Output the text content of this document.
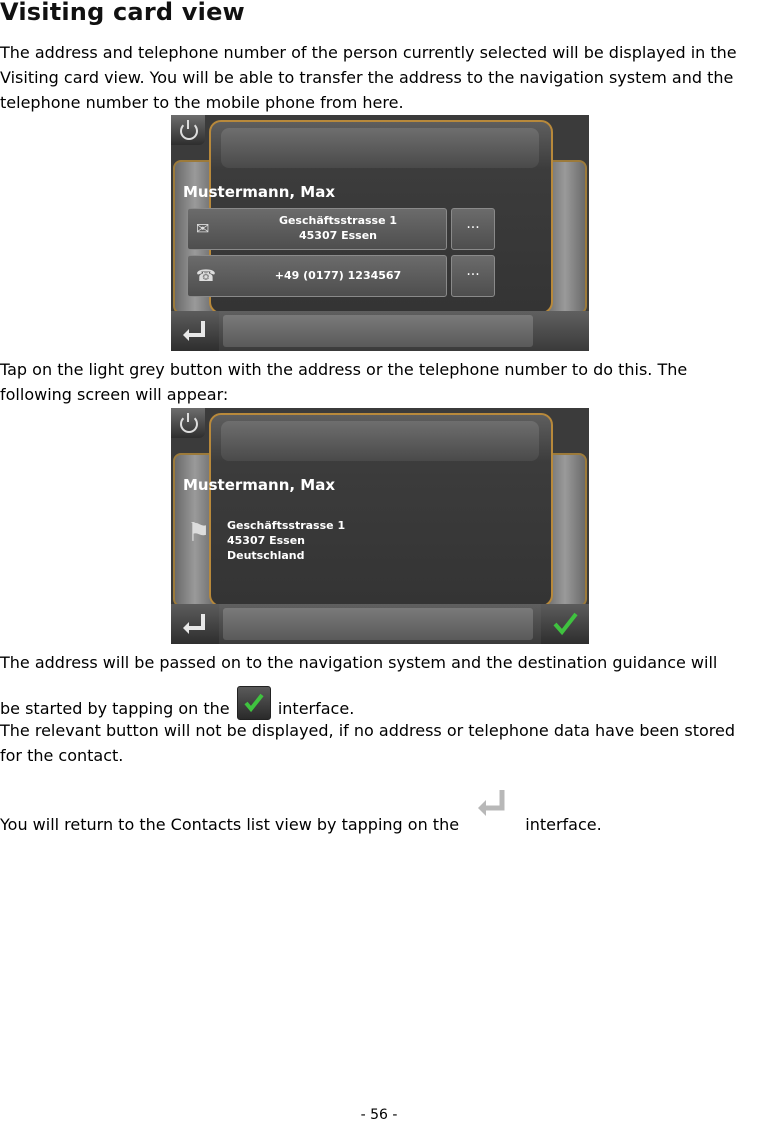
Visiting card view
The address and telephone number of the person currently selected will be displayed in the Visiting card view. You will be able to transfer the address to the navigation system and the telephone number to the mobile phone from here.
Mustermann, Max
✉	Geschäftsstrasse 1
45307 Essen
...
☎	+49 (0177) 1234567	...
Tap on the light grey button with the address or the telephone number to do this. The following screen will appear:
Mustermann, Max
⚑	Geschäftsstrasse 1
45307 Essen
Deutschland
The address will be passed on to the navigation system and the destination guidance will
be started by tapping on the	interface.
The relevant button will not be displayed, if no address or telephone data have been stored for the contact.
You will return to the Contacts list view by tapping on the	interface.
- 56 -
